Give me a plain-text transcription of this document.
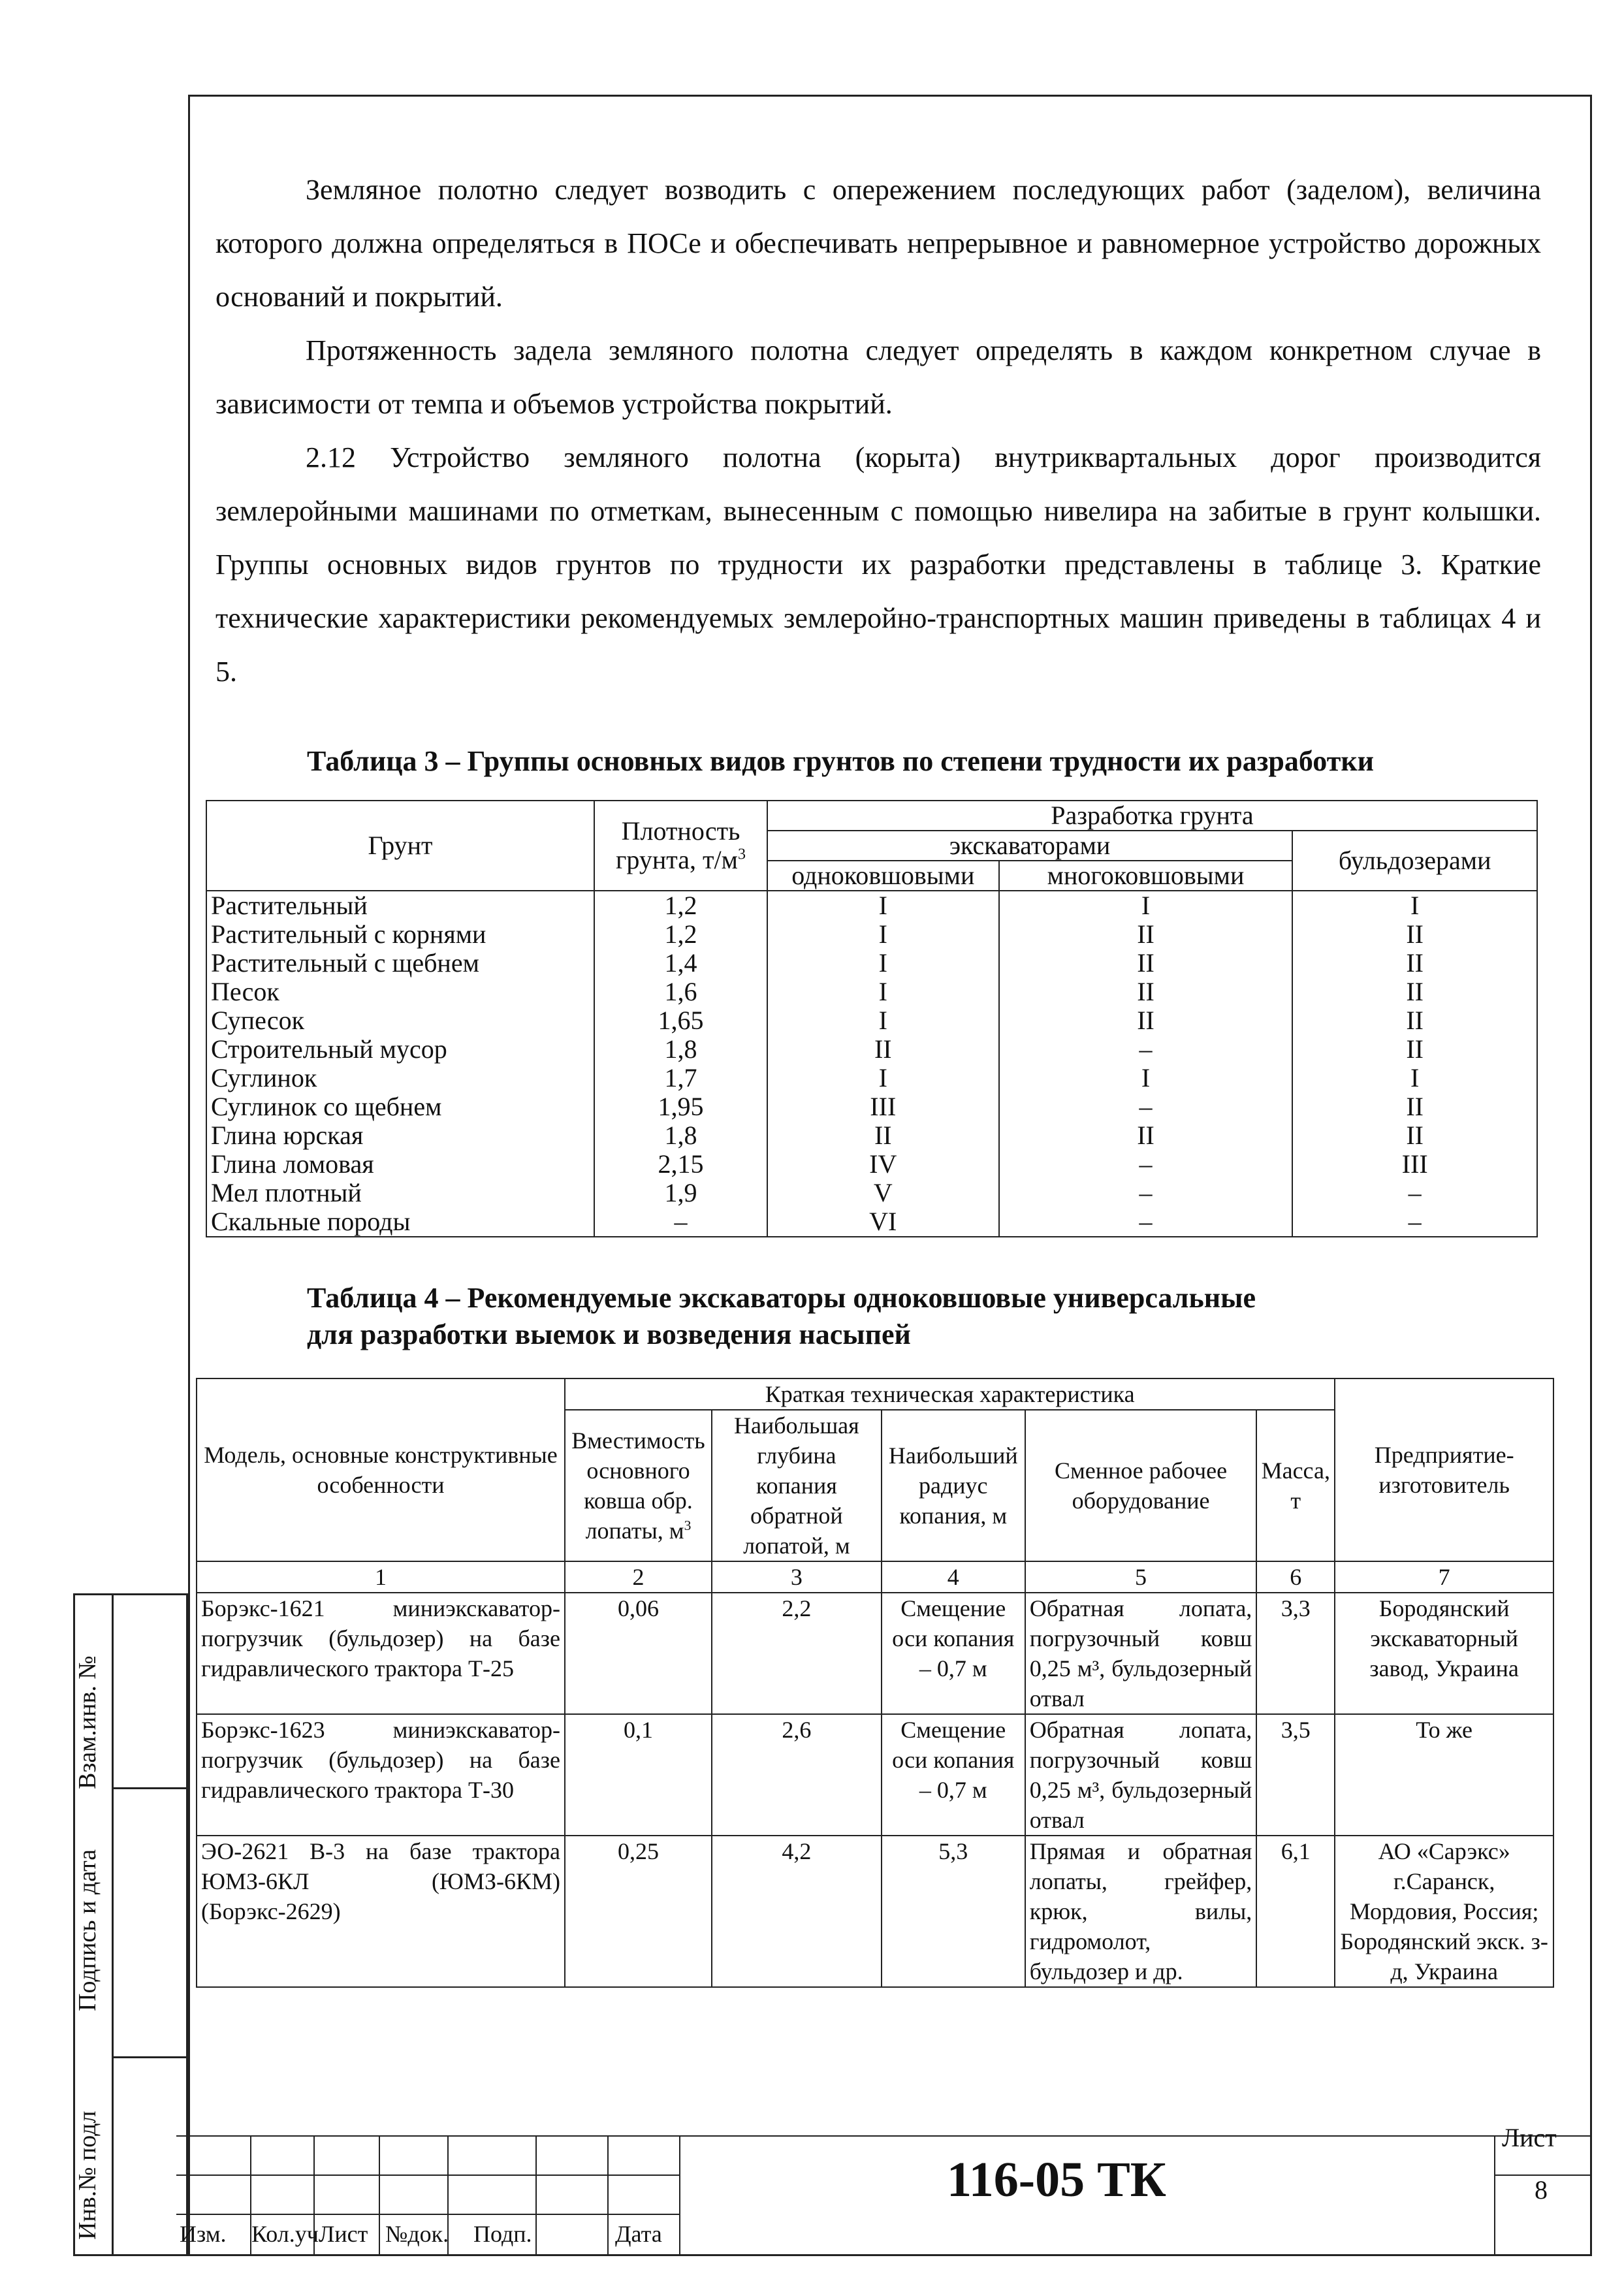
Земляное полотно следует возводить с опережением последующих работ (заделом), величина которого должна определяться в ПОСе и обеспечивать непрерывное и равномерное устройство дорожных оснований и покрытий.

Протяженность задела земляного полотна следует определять в каждом конкретном случае в зависимости от темпа и объемов устройства покрытий.

2.12 Устройство земляного полотна (корыта) внутриквартальных дорог производится землеройными машинами по отметкам, вынесенным с помощью нивелира на забитые в грунт колышки. Группы основных видов грунтов по трудности их разработки представлены в таблице 3. Краткие технические характеристики рекомендуемых землеройно-транспортных машин приведены в таблицах 4 и 5.

Таблица 3 – Группы основных видов грунтов по степени трудности их разработки
Грунт	Плотность грунта, $т/м^3$	Разработка грунта		
		экскаваторами		бульдозерами
		одноковшовыми	многоковшовыми	
Растительный	1,2	I	I	I
Растительный с корнями	1,2	I	II	II
Растительный с щебнем	1,4	I	II	II
Песок	1,6	I	II	II
Супесок	1,65	I	II	II
Строительный мусор	1,8	II	–	II
Суглинок	1,7	I	I	I
Суглинок со щебнем	1,95	III	–	II
Глина юрская	1,8	II	II	II
Глина ломовая	2,15	IV	–	III
Мел плотный	1,9	V	–	–
Скальные породы	–	VI	–	–
Таблица 4 – Рекомендуемые экскаваторы одноковшовые универсальные
для разработки выемок и возведения насыпей
Модель, основные конструктивные особенности	Краткая техническая характеристика					Предприятие-изготовитель
	Вместимость основного ковша обр. лопаты, $м^3$	Наибольшая глубина копания обратной лопатой, м	Наибольший радиус копания, м	Сменное рабочее оборудование	Масса, т	
1	2	3	4	5	6	7
Борэкс-1621 миниэкскаватор-погрузчик (бульдозер) на базе гидравлического трактора Т-25	0,06	2,2	Смещение оси копания – 0,7 м	Обратная лопата, погрузочный ковш 0,25 м³, бульдозерный отвал	3,3	Бородянский экскаваторный завод, Украина
Борэкс-1623 миниэкскаватор-погрузчик (бульдозер) на базе гидравлического трактора Т-30	0,1	2,6	Смещение оси копания – 0,7 м	Обратная лопата, погрузочный ковш 0,25 м³, бульдозерный отвал	3,5	То же
ЭО-2621 В-3 на базе трактора ЮМЗ-6КЛ (ЮМЗ-6КМ) (Борэкс-2629)	0,25	4,2	5,3	Прямая и обратная лопаты, грейфер, крюк, вилы, гидромолот, бульдозер и др.	6,1	АО «Сарэкс» г.Саранск, Мордовия, Россия; Бородянский экск. з-д, Украина
Взам.инв. №
Подпись и дата
Инв.№ подл	Изм. Кол.уч Лист №док. Подп.	Дата
116-05 ТК
Лист
8
